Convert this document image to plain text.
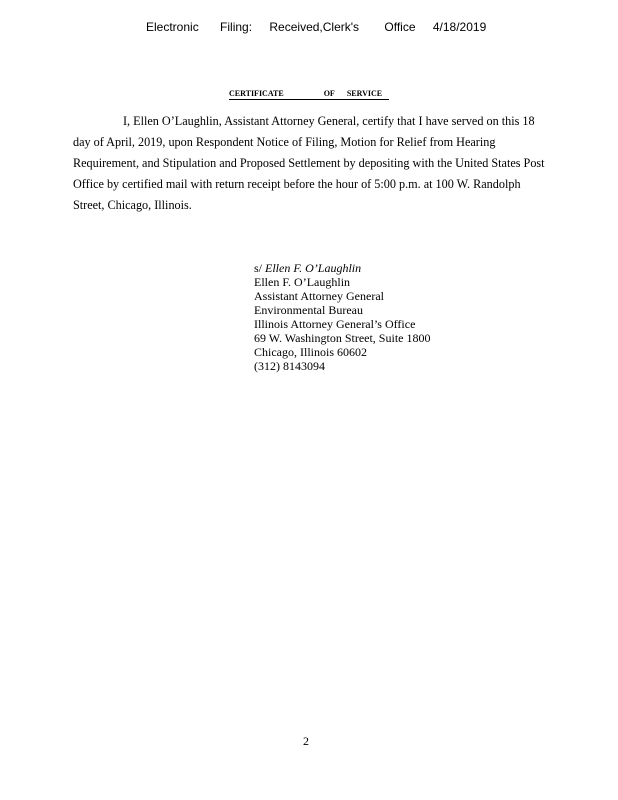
Electronic Filing: Received,Clerk's Office 4/18/2019
CERTIFICATE	OF SERVICE
I, Ellen O’Laughlin, Assistant Attorney General, certify that I have served on this 18
day of April, 2019, upon Respondent Notice of Filing, Motion for Relief from Hearing
Requirement, and Stipulation and Proposed Settlement by depositing with the United States Post
Office by certified mail with return receipt before the hour of 5:00 p.m. at 100 W. Randolph
Street, Chicago, Illinois.
s/ Ellen F. O’Laughlin
Ellen F. O’Laughlin
Assistant Attorney General
Environmental Bureau
Illinois Attorney General’s Office
69 W. Washington Street, Suite 1800
Chicago, Illinois 60602
(312) 8143094
2
